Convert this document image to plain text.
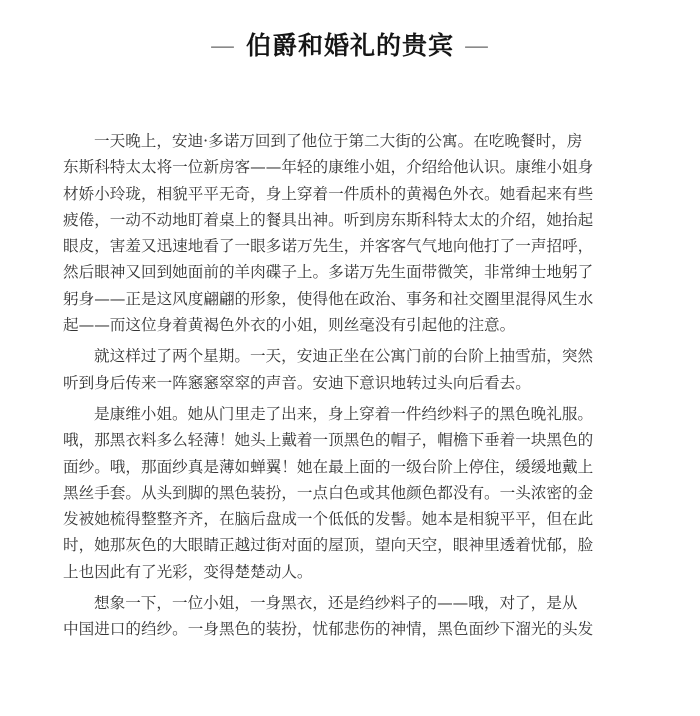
— 伯爵和婚礼的贵宾 —
一天晚上，安迪·多诺万回到了他位于第二大街的公寓。在吃晚餐时，房
东斯科特太太将一位新房客——年轻的康维小姐，介绍给他认识。康维小姐身
材娇小玲珑，相貌平平无奇，身上穿着一件质朴的黄褐色外衣。她看起来有些
疲倦，一动不动地盯着桌上的餐具出神。听到房东斯科特太太的介绍，她抬起
眼皮，害羞又迅速地看了一眼多诺万先生，并客客气气地向他打了一声招呼，
然后眼神又回到她面前的羊肉碟子上。多诺万先生面带微笑，非常绅士地躬了
躬身——正是这风度翩翩的形象，使得他在政治、事务和社交圈里混得风生水
起——而这位身着黄褐色外衣的小姐，则丝毫没有引起他的注意。
就这样过了两个星期。一天，安迪正坐在公寓门前的台阶上抽雪茄，突然
听到身后传来一阵窸窸窣窣的声音。安迪下意识地转过头向后看去。
是康维小姐。她从门里走了出来，身上穿着一件绉纱料子的黑色晚礼服。
哦，那黑衣料多么轻薄！她头上戴着一顶黑色的帽子，帽檐下垂着一块黑色的
面纱。哦，那面纱真是薄如蝉翼！她在最上面的一级台阶上停住，缓缓地戴上
黑丝手套。从头到脚的黑色装扮，一点白色或其他颜色都没有。一头浓密的金
发被她梳得整整齐齐，在脑后盘成一个低低的发髻。她本是相貌平平，但在此
时，她那灰色的大眼睛正越过街对面的屋顶，望向天空，眼神里透着忧郁，脸
上也因此有了光彩，变得楚楚动人。
想象一下，一位小姐，一身黑衣，还是绉纱料子的——哦，对了，是从
中国进口的绉纱。一身黑色的装扮，忧郁悲伤的神情，黑色面纱下溜光的头发
